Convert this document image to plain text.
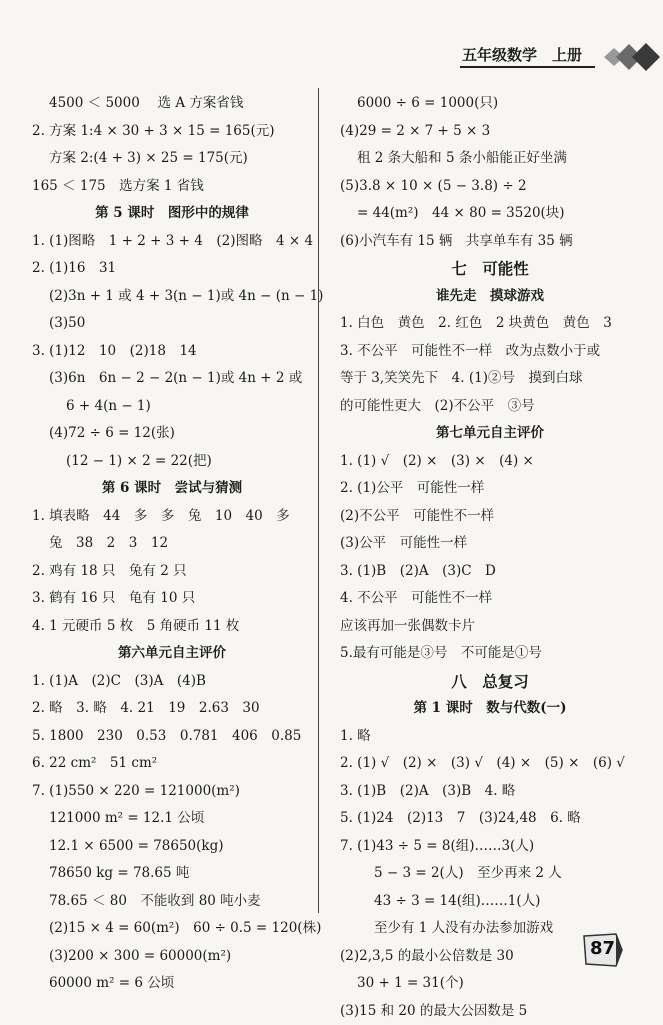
五年级数学　上册
4500 ＜ 5000　 选 A 方案省钱
2. 方案 1:4 × 30 + 3 × 15 = 165(元)
方案 2:(4 + 3) × 25 = 175(元)
165 ＜ 175　选方案 1 省钱
第 5 课时　图形中的规律
1. (1)图略　1 + 2 + 3 + 4　(2)图略　4 × 4
2. (1)16　31
(2)3n + 1 或 4 + 3(n − 1)或 4n − (n − 1)
(3)50
3. (1)12　10　(2)18　14
(3)6n　6n − 2 − 2(n − 1)或 4n + 2 或
6 + 4(n − 1)
(4)72 ÷ 6 = 12(张)
(12 − 1) × 2 = 22(把)
第 6 课时　尝试与猜测
1. 填表略　44　多　多　兔　10　40　多
兔　38　2　3　12
2. 鸡有 18 只　兔有 2 只
3. 鹤有 16 只　龟有 10 只
4. 1 元硬币 5 枚　5 角硬币 11 枚
第六单元自主评价
1. (1)A　(2)C　(3)A　(4)B
2. 略　3. 略　4. 21　19　2.63　30
5. 1800　230　0.53　0.781　406　0.85
6. 22 cm²　51 cm²
7. (1)550 × 220 = 121000(m²)
121000 m² = 12.1 公顷
12.1 × 6500 = 78650(kg)
78650 kg = 78.65 吨
78.65 ＜ 80　不能收到 80 吨小麦
(2)15 × 4 = 60(m²)　60 ÷ 0.5 = 120(株)
(3)200 × 300 = 60000(m²)
60000 m² = 6 公顷
6000 ÷ 6 = 1000(只)
(4)29 = 2 × 7 + 5 × 3
租 2 条大船和 5 条小船能正好坐满
(5)3.8 × 10 × (5 − 3.8) ÷ 2
= 44(m²)　44 × 80 = 3520(块)
(6)小汽车有 15 辆　共享单车有 35 辆
七　可能性
谁先走　摸球游戏
1. 白色　黄色　2. 红色　2 块黄色　黄色　3
3. 不公平　可能性不一样　改为点数小于或
等于 3,笑笑先下　4. (1)②号　摸到白球
的可能性更大　(2)不公平　③号
第七单元自主评价
1. (1) √　(2) ×　(3) ×　(4) ×
2. (1)公平　可能性一样
(2)不公平　可能性不一样
(3)公平　可能性一样
3. (1)B　(2)A　(3)C　D
4. 不公平　可能性不一样
应该再加一张偶数卡片
5.最有可能是③号　不可能是①号
八　总复习
第 1 课时　数与代数(一)
1. 略
2. (1) √　(2) ×　(3) √　(4) ×　(5) ×　(6) √
3. (1)B　(2)A　(3)B　4. 略
5. (1)24　(2)13　7　(3)24,48　6. 略
7. (1)43 ÷ 5 = 8(组)……3(人)
5 − 3 = 2(人)　至少再来 2 人
43 ÷ 3 = 14(组)……1(人)
至少有 1 人没有办法参加游戏
(2)2,3,5 的最小公倍数是 30
30 + 1 = 31(个)
(3)15 和 20 的最大公因数是 5
87
